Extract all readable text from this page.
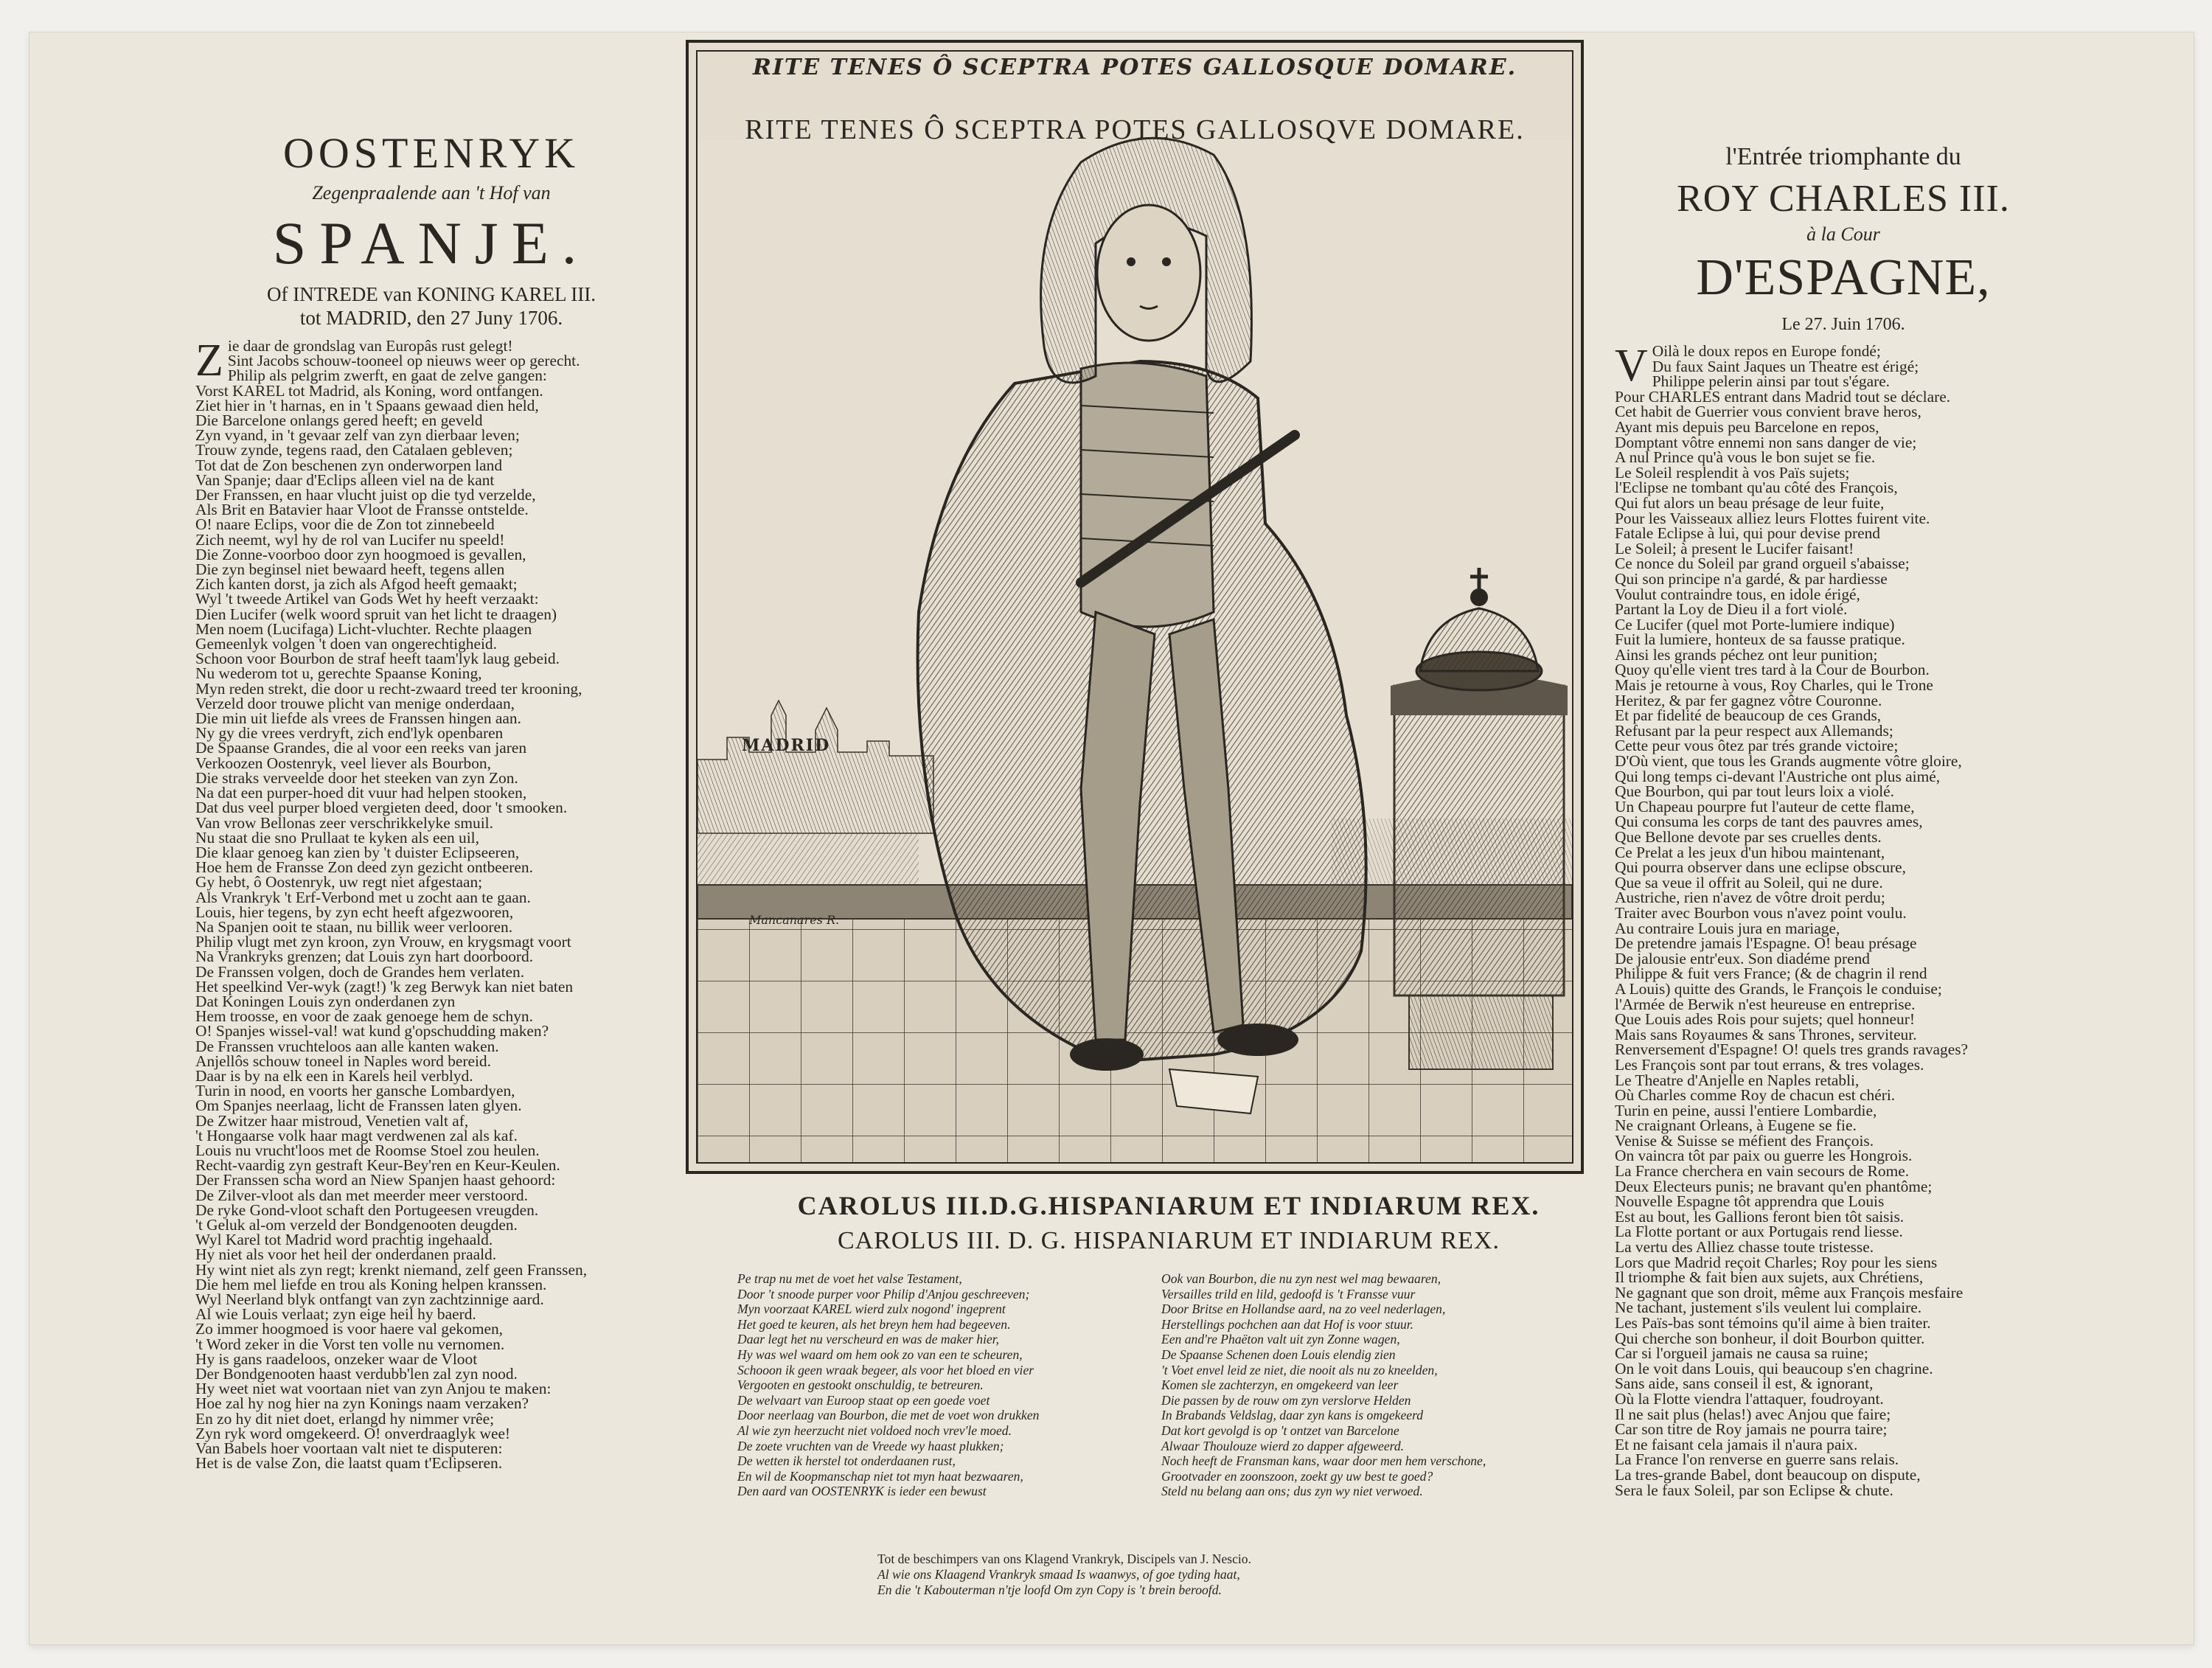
OOSTENRYK
Zegenpraalende aan 't Hof van
SPANJE.
Of INTREDE van KONING KAREL III.
tot MADRID, den 27 Juny 1706.
Z ie daar de grondslag van Europâs rust gelegt!
Sint Jacobs schouw-tooneel op nieuws weer op gerecht.
Philip als pelgrim zwerft, en gaat de zelve gangen:
Vorst KAREL tot Madrid, als Koning, word ontfangen.
Ziet hier in 't harnas, en in 't Spaans gewaad dien held,
Die Barcelone onlangs gered heeft; en geveld
Zyn vyand, in 't gevaar zelf van zyn dierbaar leven;
Trouw zynde, tegens raad, den Catalaen gebleven;
Tot dat de Zon beschenen zyn onderworpen land
Van Spanje; daar d'Eclips alleen viel na de kant
Der Franssen, en haar vlucht juist op die tyd verzelde,
Als Brit en Batavier haar Vloot de Fransse ontstelde.
O! naare Eclips, voor die de Zon tot zinnebeeld
Zich neemt, wyl hy de rol van Lucifer nu speeld!
Die Zonne-voorboo door zyn hoogmoed is gevallen,
Die zyn beginsel niet bewaard heeft, tegens allen
Zich kanten dorst, ja zich als Afgod heeft gemaakt;
Wyl 't tweede Artikel van Gods Wet hy heeft verzaakt:
Dien Lucifer (welk woord spruit van het licht te draagen)
Men noem (Lucifaga) Licht-vluchter. Rechte plaagen
Gemeenlyk volgen 't doen van ongerechtigheid.
Schoon voor Bourbon de straf heeft taam'lyk laug gebeid.
Nu wederom tot u, gerechte Spaanse Koning,
Myn reden strekt, die door u recht-zwaard treed ter krooning,
Verzeld door trouwe plicht van menige onderdaan,
Die min uit liefde als vrees de Franssen hingen aan.
Ny gy die vrees verdryft, zich end'lyk openbaren
De Spaanse Grandes, die al voor een reeks van jaren
Verkoozen Oostenryk, veel liever als Bourbon,
Die straks verveelde door het steeken van zyn Zon.
Na dat een purper-hoed dit vuur had helpen stooken,
Dat dus veel purper bloed vergieten deed, door 't smooken.
Van vrow Bellonas zeer verschrikkelyke smuil.
Nu staat die sno Prullaat te kyken als een uil,
Die klaar genoeg kan zien by 't duister Eclipseeren,
Hoe hem de Fransse Zon deed zyn gezicht ontbeeren.
Gy hebt, ô Oostenryk, uw regt niet afgestaan;
Als Vrankryk 't Erf-Verbond met u zocht aan te gaan.
Louis, hier tegens, by zyn echt heeft afgezwooren,
Na Spanjen ooit te staan, nu billik weer verlooren.
Philip vlugt met zyn kroon, zyn Vrouw, en krygsmagt voort
Na Vrankryks grenzen; dat Louis zyn hart doorboord.
De Franssen volgen, doch de Grandes hem verlaten.
Het speelkind Ver-wyk (zagt!) 'k zeg Berwyk kan niet baten
Dat Koningen Louis zyn onderdanen zyn
Hem troosse, en voor de zaak genoege hem de schyn.
O! Spanjes wissel-val! wat kund g'opschudding maken?
De Franssen vruchteloos aan alle kanten waken.
Anjellôs schouw toneel in Naples word bereid.
Daar is by na elk een in Karels heil verblyd.
Turin in nood, en voorts her gansche Lombardyen,
Om Spanjes neerlaag, licht de Franssen laten glyen.
De Zwitzer haar mistroud, Venetien valt af,
't Hongaarse volk haar magt verdwenen zal als kaf.
Louis nu vrucht'loos met de Roomse Stoel zou heulen.
Recht-vaardig zyn gestraft Keur-Bey'ren en Keur-Keulen.
Der Franssen scha word an Niew Spanjen haast gehoord:
De Zilver-vloot als dan met meerder meer verstoord.
De ryke Gond-vloot schaft den Portugeesen vreugden.
't Geluk al-om verzeld der Bondgenooten deugden.
Wyl Karel tot Madrid word prachtig ingehaald.
Hy niet als voor het heil der onderdanen praald.
Hy wint niet als zyn regt; krenkt niemand, zelf geen Franssen,
Die hem mel liefde en trou als Koning helpen kranssen.
Wyl Neerland blyk ontfangt van zyn zachtzinnige aard.
Al wie Louis verlaat; zyn eige heil hy baerd.
Zo immer hoogmoed is voor haere val gekomen,
't Word zeker in die Vorst ten volle nu vernomen.
Hy is gans raadeloos, onzeker waar de Vloot
Der Bondgenooten haast verdubb'len zal zyn nood.
Hy weet niet wat voortaan niet van zyn Anjou te maken:
Hoe zal hy nog hier na zyn Konings naam verzaken?
En zo hy dit niet doet, erlangd hy nimmer vrêe;
Zyn ryk word omgekeerd. O! onverdraaglyk wee!
Van Babels hoer voortaan valt niet te disputeren:
Het is de valse Zon, die laatst quam t'Eclipseren.
RITE TENES Ô SCEPTRA POTES GALLOSQUE DOMARE.
RITE TENES Ô SCEPTRA POTES GALLOSQVE DOMARE.
MADRID
Mancanares R.
l'Entrée triomphante du
ROY CHARLES III.
à la Cour
D'ESPAGNE,
Le 27. Juin 1706.
V Oilà le doux repos en Europe fondé;
Du faux Saint Jaques un Theatre est érigé;
Philippe pelerin ainsi par tout s'égare.
Pour CHARLES entrant dans Madrid tout se déclare.
Cet habit de Guerrier vous convient brave heros,
Ayant mis depuis peu Barcelone en repos,
Domptant vôtre ennemi non sans danger de vie;
A nul Prince qu'à vous le bon sujet se fie.
Le Soleil resplendit à vos Païs sujets;
l'Eclipse ne tombant qu'au côté des François,
Qui fut alors un beau présage de leur fuite,
Pour les Vaisseaux alliez leurs Flottes fuirent vite.
Fatale Eclipse à lui, qui pour devise prend
Le Soleil; à present le Lucifer faisant!
Ce nonce du Soleil par grand orgueil s'abaisse;
Qui son principe n'a gardé, & par hardiesse
Voulut contraindre tous, en idole érigé,
Partant la Loy de Dieu il a fort violé.
Ce Lucifer (quel mot Porte-lumiere indique)
Fuit la lumiere, honteux de sa fausse pratique.
Ainsi les grands péchez ont leur punition;
Quoy qu'elle vient tres tard à la Cour de Bourbon.
Mais je retourne à vous, Roy Charles, qui le Trone
Heritez, & par fer gagnez vôtre Couronne.
Et par fidelité de beaucoup de ces Grands,
Refusant par la peur respect aux Allemands;
Cette peur vous ôtez par trés grande victoire;
D'Où vient, que tous les Grands augmente vôtre gloire,
Qui long temps ci-devant l'Austriche ont plus aimé,
Que Bourbon, qui par tout leurs loix a violé.
Un Chapeau pourpre fut l'auteur de cette flame,
Qui consuma les corps de tant des pauvres ames,
Que Bellone devote par ses cruelles dents.
Ce Prelat a les jeux d'un hibou maintenant,
Qui pourra observer dans une eclipse obscure,
Que sa veue il offrit au Soleil, qui ne dure.
Austriche, rien n'avez de vôtre droit perdu;
Traiter avec Bourbon vous n'avez point voulu.
Au contraire Louis jura en mariage,
De pretendre jamais l'Espagne. O! beau présage
De jalousie entr'eux. Son diadéme prend
Philippe & fuit vers France; (& de chagrin il rend
A Louis) quitte des Grands, le François le conduise;
l'Armée de Berwik n'est heureuse en entreprise.
Que Louis ades Rois pour sujets; quel honneur!
Mais sans Royaumes & sans Thrones, serviteur.
Renversement d'Espagne! O! quels tres grands ravages?
Les François sont par tout errans, & tres volages.
Le Theatre d'Anjelle en Naples retabli,
Où Charles comme Roy de chacun est chéri.
Turin en peine, aussi l'entiere Lombardie,
Ne craignant Orleans, à Eugene se fie.
Venise & Suisse se méfient des François.
On vaincra tôt par paix ou guerre les Hongrois.
La France cherchera en vain secours de Rome.
Deux Electeurs punis; ne bravant qu'en phantôme;
Nouvelle Espagne tôt apprendra que Louis
Est au bout, les Gallions feront bien tôt saisis.
La Flotte portant or aux Portugais rend liesse.
La vertu des Alliez chasse toute tristesse.
Lors que Madrid reçoit Charles; Roy pour les siens
Il triomphe & fait bien aux sujets, aux Chrétiens,
Ne gagnant que son droit, même aux François mesfaire
Ne tachant, justement s'ils veulent lui complaire.
Les Païs-bas sont témoins qu'il aime à bien traiter.
Qui cherche son bonheur, il doit Bourbon quitter.
Car si l'orgueil jamais ne causa sa ruine;
On le voit dans Louis, qui beaucoup s'en chagrine.
Sans aide, sans conseil il est, & ignorant,
Où la Flotte viendra l'attaquer, foudroyant.
Il ne sait plus (helas!) avec Anjou que faire;
Car son titre de Roy jamais ne pourra taire;
Et ne faisant cela jamais il n'aura paix.
La France l'on renverse en guerre sans relais.
La tres-grande Babel, dont beaucoup on dispute,
Sera le faux Soleil, par son Eclipse & chute.
CAROLUS III.D.G.HISPANIARUM ET INDIARUM REX.
CAROLUS III. D. G. HISPANIARUM ET INDIARUM REX.
Pe trap nu met de voet het valse Testament,
Door 't snoode purper voor Philip d'Anjou geschreeven;
Myn voorzaat KAREL wierd zulx nogond' ingeprent
Het goed te keuren, als het breyn hem had begeeven.
Daar legt het nu verscheurd en was de maker hier,
Hy was wel waard om hem ook zo van een te scheuren,
Schooon ik geen wraak begeer, als voor het bloed en vier
Vergooten en gestookt onschuldig, te betreuren.
De welvaart van Euroop staat op een goede voet
Door neerlaag van Bourbon, die met de voet won drukken
Al wie zyn heerzucht niet voldoed noch vrev'le moed.
De zoete vruchten van de Vreede wy haast plukken;
De wetten ik herstel tot onderdaanen rust,
En wil de Koopmanschap niet tot myn haat bezwaaren,
Den aard van OOSTENRYK is ieder een bewust
Ook van Bourbon, die nu zyn nest wel mag bewaaren,
Versailles trild en lild, gedoofd is 't Fransse vuur
Door Britse en Hollandse aard, na zo veel nederlagen,
Herstellings pochchen aan dat Hof is voor stuur.
Een and're Phaëton valt uit zyn Zonne wagen,
De Spaanse Schenen doen Louis elendig zien
't Voet envel leid ze niet, die nooit als nu zo kneelden,
Komen sle zachterzyn, en omgekeerd van leer
Die passen by de rouw om zyn verslorve Helden
In Brabands Veldslag, daar zyn kans is omgekeerd
Dat kort gevolgd is op 't ontzet van Barcelone
Alwaar Thoulouze wierd zo dapper afgeweerd.
Noch heeft de Fransman kans, waar door men hem verschone,
Grootvader en zoonszoon, zoekt gy uw best te goed?
Steld nu belang aan ons; dus zyn wy niet verwoed.
Tot de beschimpers van ons Klagend Vrankryk, Discipels van J. Nescio.
Al wie ons Klaagend Vrankryk smaad Is waanwys, of goe tyding haat,
En die 't Kabouterman n'tje loofd Om zyn Copy is 't brein beroofd.
